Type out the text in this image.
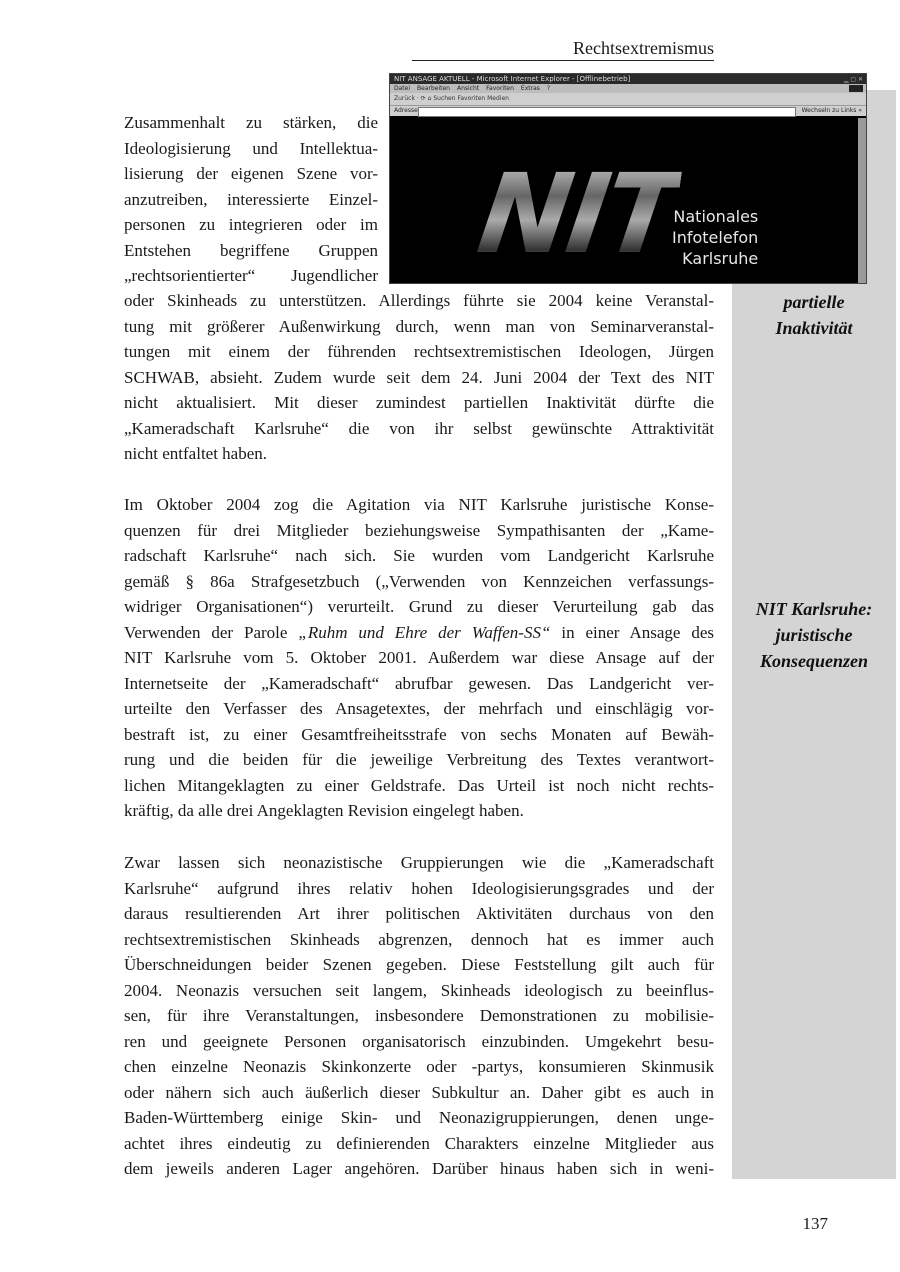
Rechtsextremismus
partielle
Inaktivität
NIT Karlsruhe:
juristische
Konsequenzen
NIT ANSAGE AKTUELL - Microsoft Internet Explorer - [Offlinebetrieb]	▁ ▢ ✕
Datei Bearbeiten Ansicht Favoriten Extras ?
Zurück · ⟳ ⌂ Suchen Favoriten Medien
Adresse	Wechseln zu Links »
NIT
Nationales
Infotelefon
Karlsruhe
Zusammenhalt zu stärken, die
Ideologisierung und Intellektua-
lisierung der eigenen Szene vor-
anzutreiben, interessierte Einzel-
personen zu integrieren oder im
Entstehen begriffene Gruppen
„rechtsorientierter“ Jugendlicher
oder Skinheads zu unterstützen. Allerdings führte sie 2004 keine Veranstal-
tung mit größerer Außenwirkung durch, wenn man von Seminarveranstal-
tungen mit einem der führenden rechtsextremistischen Ideologen, Jürgen
SCHWAB, absieht. Zudem wurde seit dem 24. Juni 2004 der Text des NIT
nicht aktualisiert. Mit dieser zumindest partiellen Inaktivität dürfte die
„Kameradschaft Karlsruhe“ die von ihr selbst gewünschte Attraktivität
nicht entfaltet haben.
Im Oktober 2004 zog die Agitation via NIT Karlsruhe juristische Konse-
quenzen für drei Mitglieder beziehungsweise Sympathisanten der „Kame-
radschaft Karlsruhe“ nach sich. Sie wurden vom Landgericht Karlsruhe
gemäß § 86a Strafgesetzbuch („Verwenden von Kennzeichen verfassungs-
widriger Organisationen“) verurteilt. Grund zu dieser Verurteilung gab das
Verwenden der Parole „Ruhm und Ehre der Waffen-SS“ in einer Ansage des
NIT Karlsruhe vom 5. Oktober 2001. Außerdem war diese Ansage auf der
Internetseite der „Kameradschaft“ abrufbar gewesen. Das Landgericht ver-
urteilte den Verfasser des Ansagetextes, der mehrfach und einschlägig vor-
bestraft ist, zu einer Gesamtfreiheitsstrafe von sechs Monaten auf Bewäh-
rung und die beiden für die jeweilige Verbreitung des Textes verantwort-
lichen Mitangeklagten zu einer Geldstrafe. Das Urteil ist noch nicht rechts-
kräftig, da alle drei Angeklagten Revision eingelegt haben.
Zwar lassen sich neonazistische Gruppierungen wie die „Kameradschaft
Karlsruhe“ aufgrund ihres relativ hohen Ideologisierungsgrades und der
daraus resultierenden Art ihrer politischen Aktivitäten durchaus von den
rechtsextremistischen Skinheads abgrenzen, dennoch hat es immer auch
Überschneidungen beider Szenen gegeben. Diese Feststellung gilt auch für
2004. Neonazis versuchen seit langem, Skinheads ideologisch zu beeinflus-
sen, für ihre Veranstaltungen, insbesondere Demonstrationen zu mobilisie-
ren und geeignete Personen organisatorisch einzubinden. Umgekehrt besu-
chen einzelne Neonazis Skinkonzerte oder -partys, konsumieren Skinmusik
oder nähern sich auch äußerlich dieser Subkultur an. Daher gibt es auch in
Baden-Württemberg einige Skin- und Neonazigruppierungen, denen unge-
achtet ihres eindeutig zu definierenden Charakters einzelne Mitglieder aus
dem jeweils anderen Lager angehören. Darüber hinaus haben sich in weni-
137
